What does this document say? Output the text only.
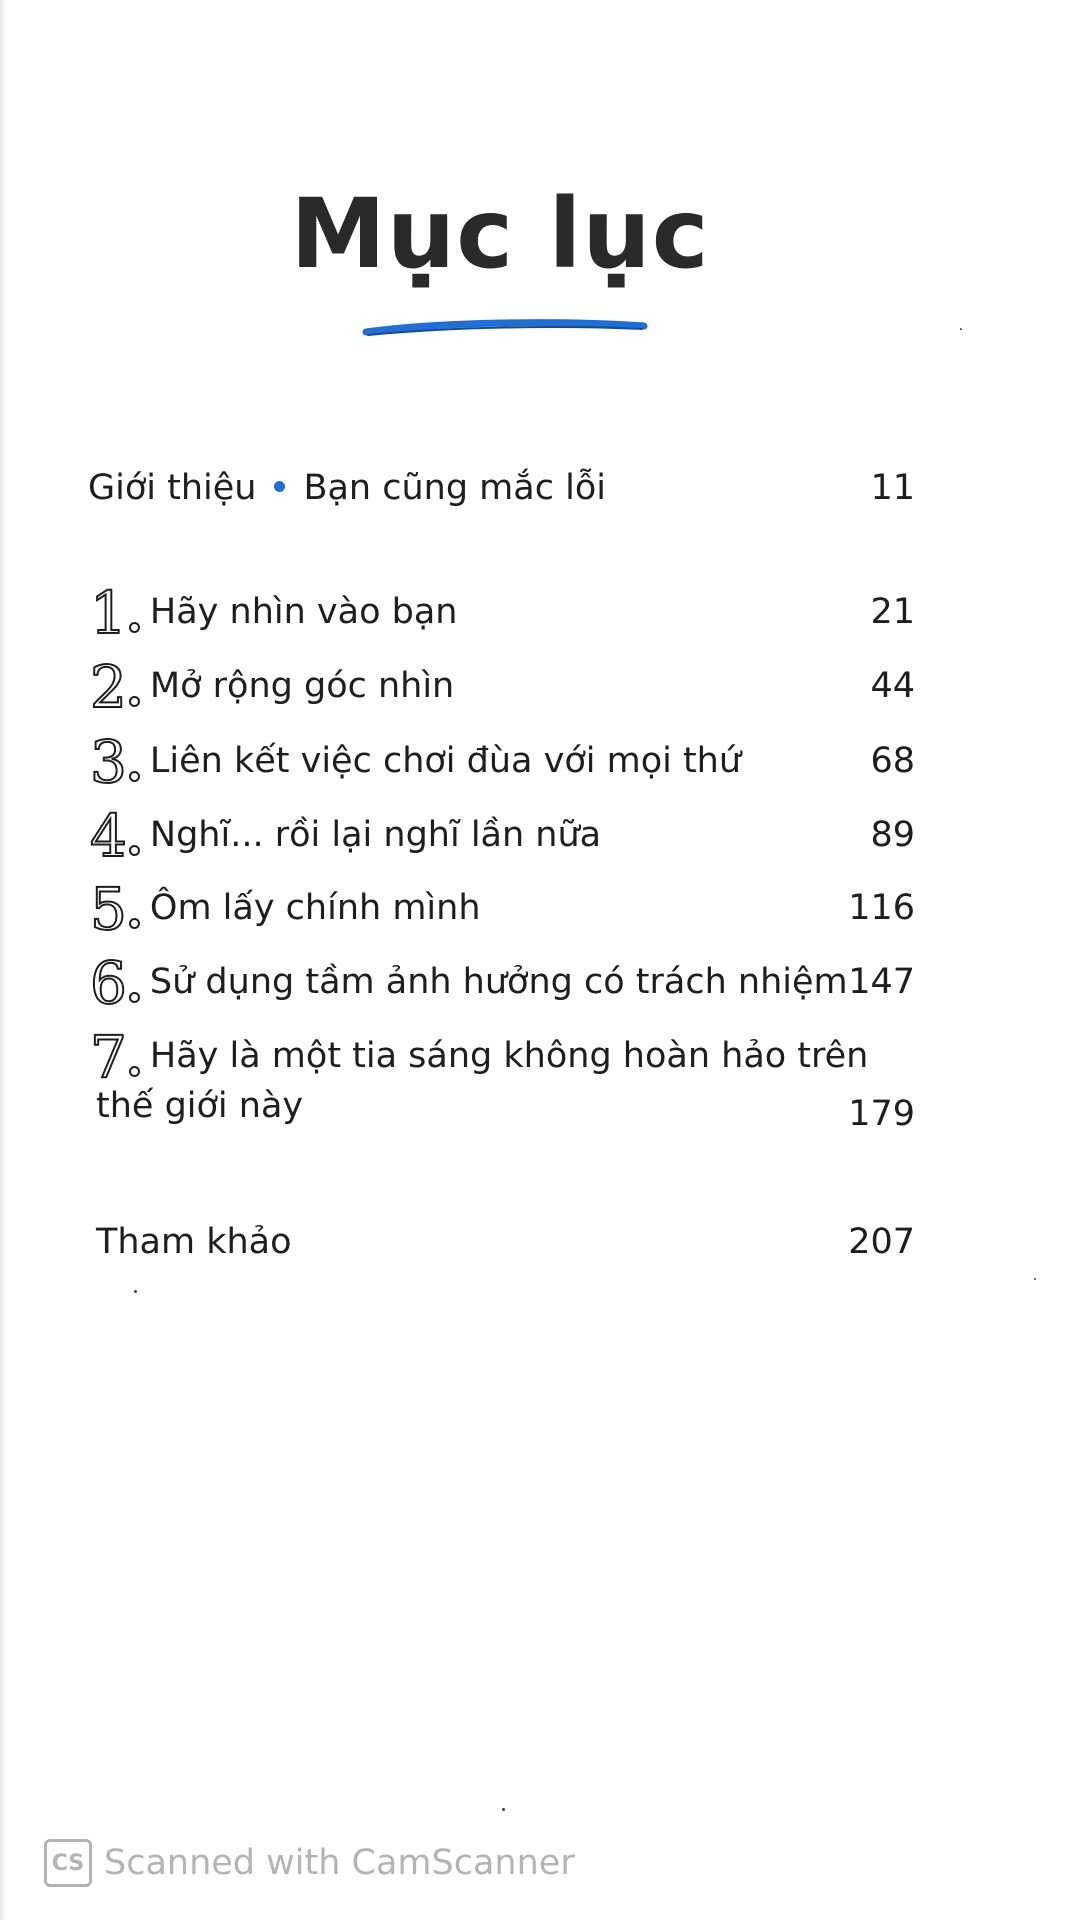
Mục lục
Giới thiệu Bạn cũng mắc lỗi	11
1 Hãy nhìn vào bạn	21
2 Mở rộng góc nhìn	44
3 Liên kết việc chơi đùa với mọi thứ	68
4 Nghĩ... rồi lại nghĩ lần nữa	89
5 Ôm lấy chính mình	116
6 Sử dụng tầm ảnh hưởng có trách nhiệm 147
7 Hãy là một tia sáng không hoàn hảo trên
thế giới này	179
Tham khảo	207
CS Scanned with CamScanner
